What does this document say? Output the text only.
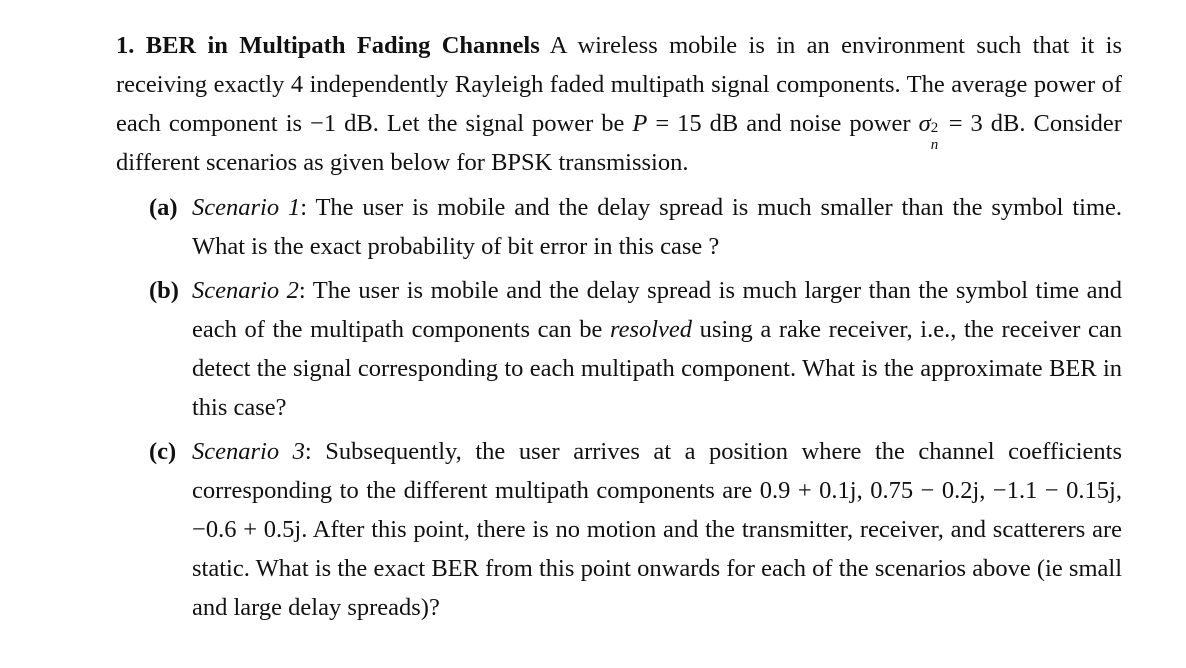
1. BER in Multipath Fading Channels A wireless mobile is in an environment such that it is receiving exactly 4 independently Rayleigh faded multipath signal components. The average power of each component is −1 dB. Let the signal power be P = 15 dB and noise power σ 2
n
= 3 dB. Consider different scenarios as given below for BPSK transmission.

(a) Scenario 1: The user is mobile and the delay spread is much smaller than the symbol time. What is the exact probability of bit error in this case ?
(b) Scenario 2: The user is mobile and the delay spread is much larger than the symbol time and each of the multipath components can be resolved using a rake receiver, i.e., the receiver can detect the signal corresponding to each multipath component. What is the approximate BER in this case?
(c) Scenario 3: Subsequently, the user arrives at a position where the channel coefficients corresponding to the different multipath components are 0.9 + 0.1j, 0.75 − 0.2j, −1.1 − 0.15j, −0.6 + 0.5j. After this point, there is no motion and the transmitter, receiver, and scatterers are static. What is the exact BER from this point onwards for each of the scenarios above (ie small and large delay spreads)?
